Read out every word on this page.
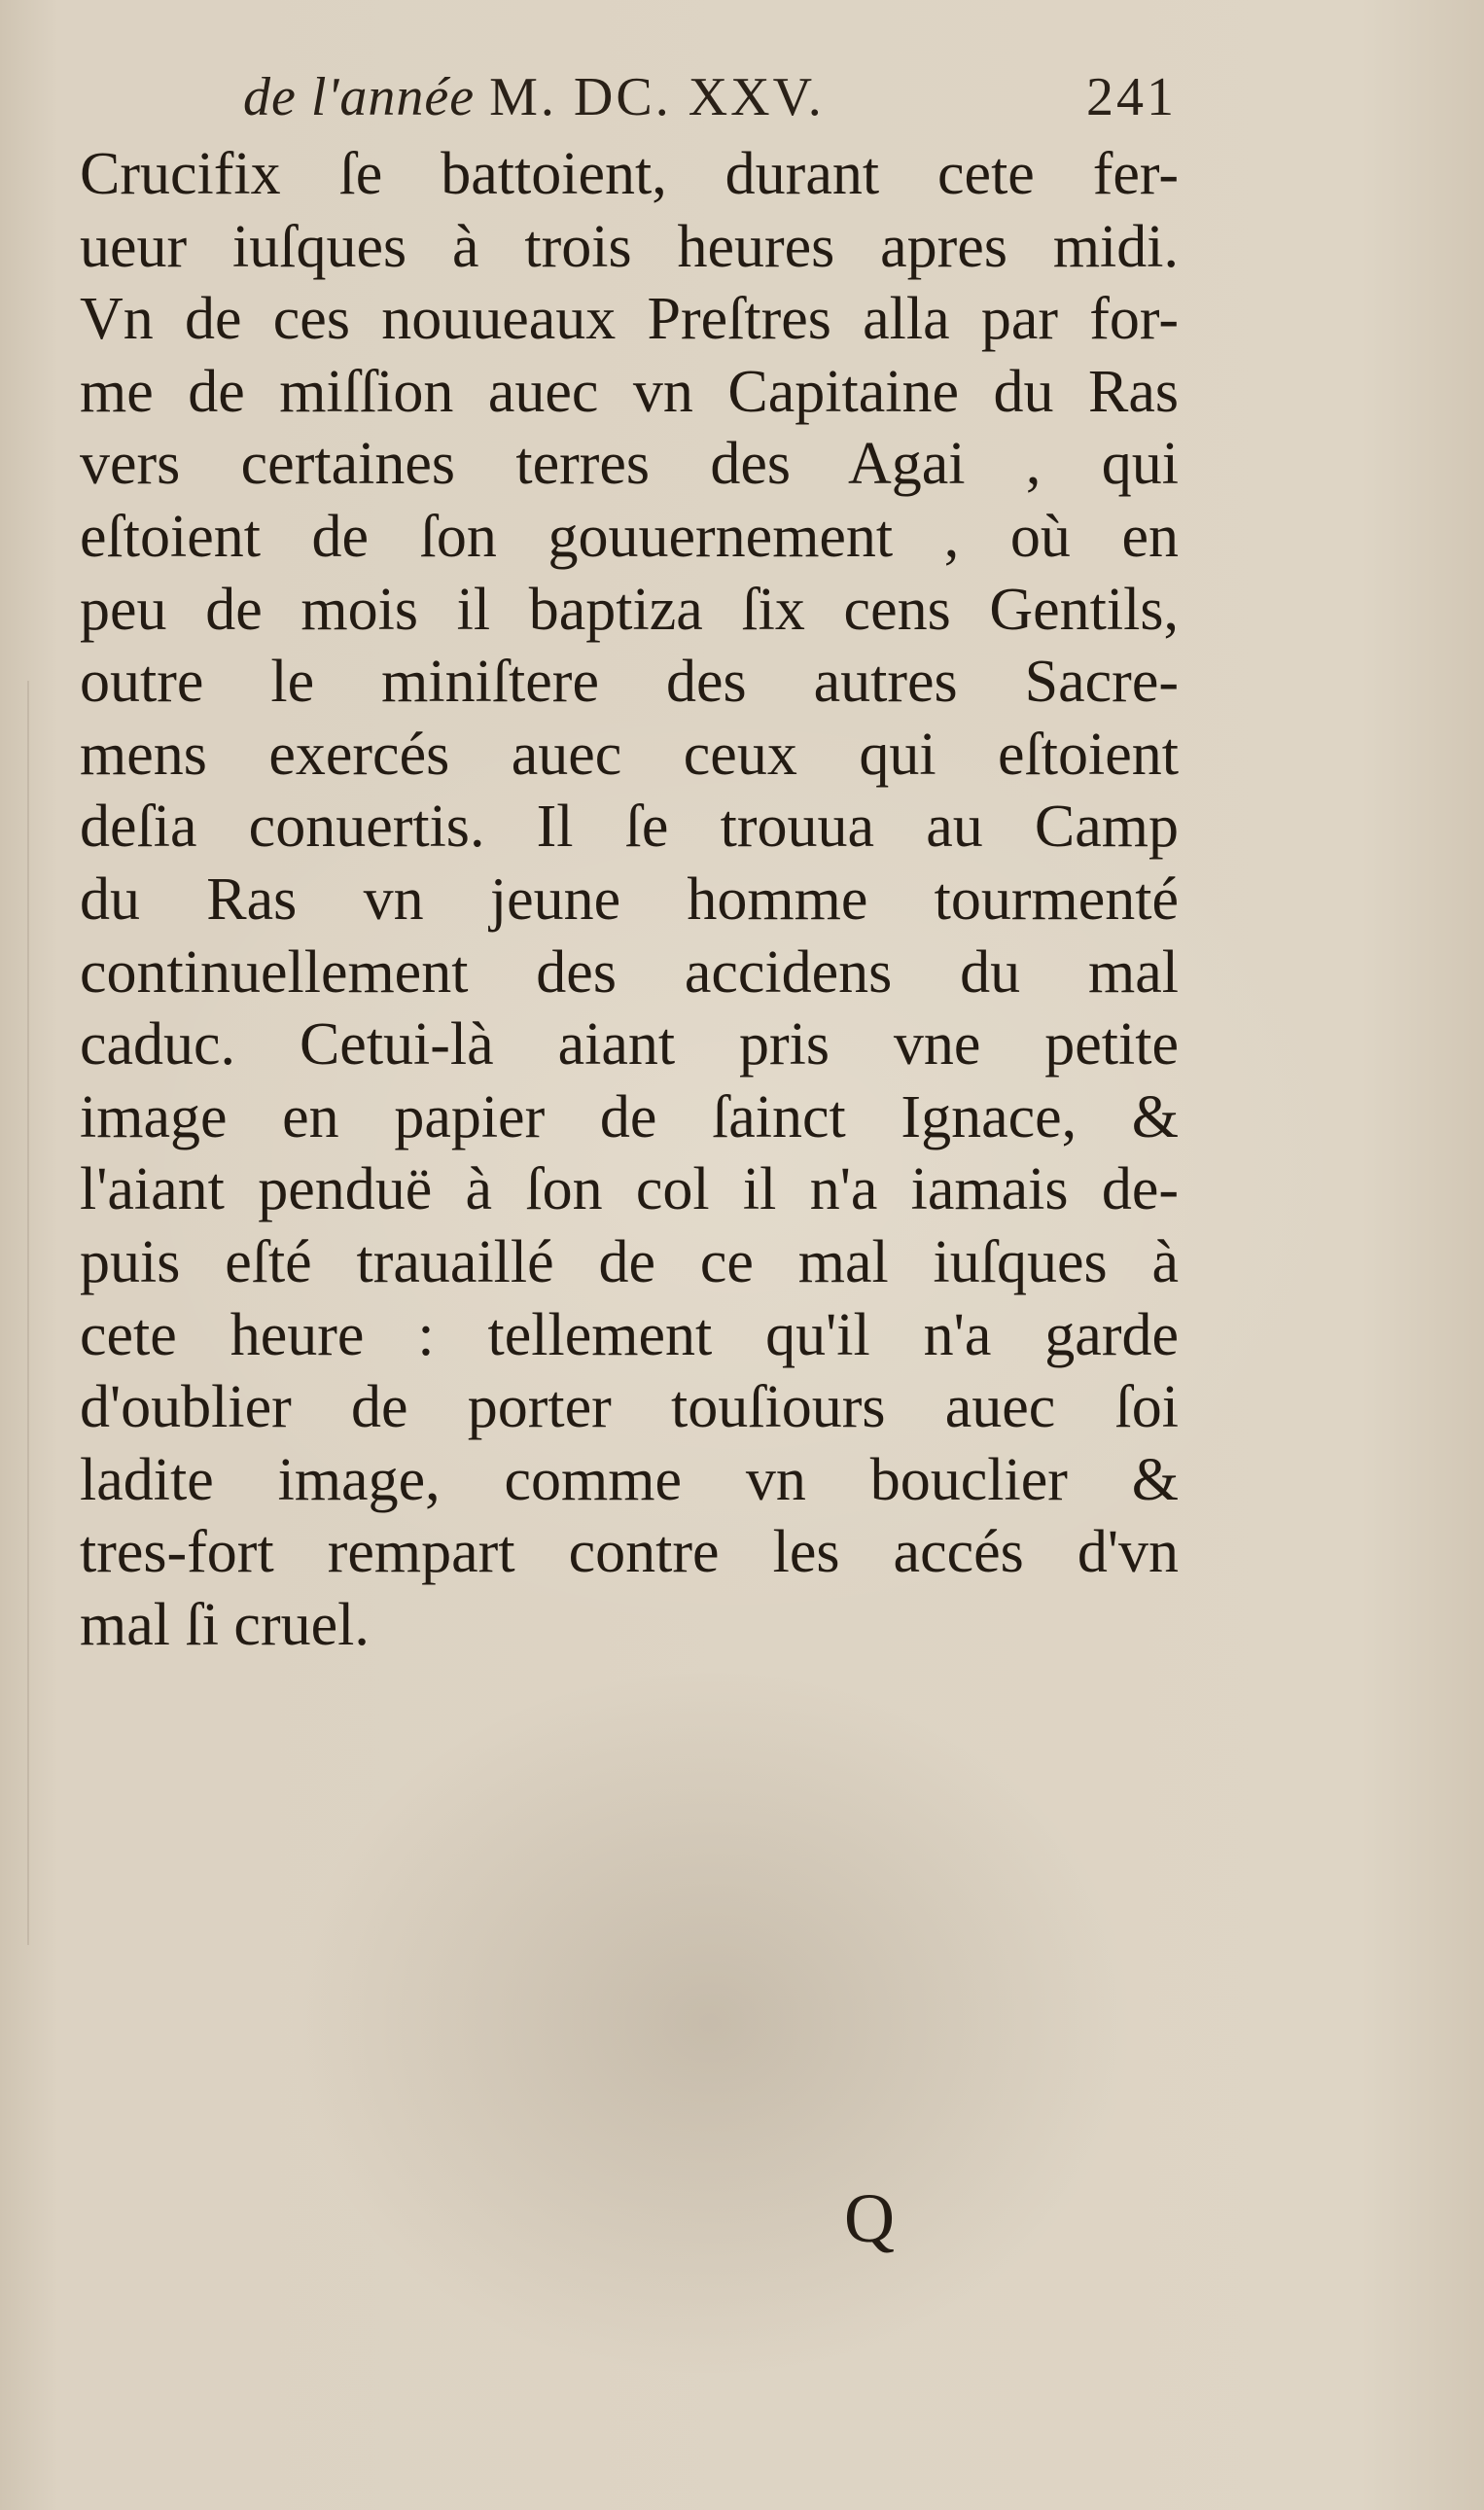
de l'année M. DC. XXV.	241
Crucifix ſe battoient, durant cete fer-
ueur iuſques à trois heures apres midi.
Vn de ces nouueaux Preſtres alla par for-
me de miſſion auec vn Capitaine du Ras
vers certaines terres des Agai , qui
eſtoient de ſon gouuernement , où en
peu de mois il baptiza ſix cens Gentils,
outre le miniſtere des autres Sacre-
mens exercés auec ceux qui eſtoient
deſia conuertis. Il ſe trouua au Camp
du Ras vn jeune homme tourmenté
continuellement des accidens du mal
caduc. Cetui-là aiant pris vne petite
image en papier de ſainct Ignace, &
l'aiant penduë à ſon col il n'a iamais de-
puis eſté trauaillé de ce mal iuſques à
cete heure : tellement qu'il n'a garde
d'oublier de porter touſiours auec ſoi
ladite image, comme vn bouclier &
tres-fort rempart contre les accés d'vn
mal ſi cruel.
Q
